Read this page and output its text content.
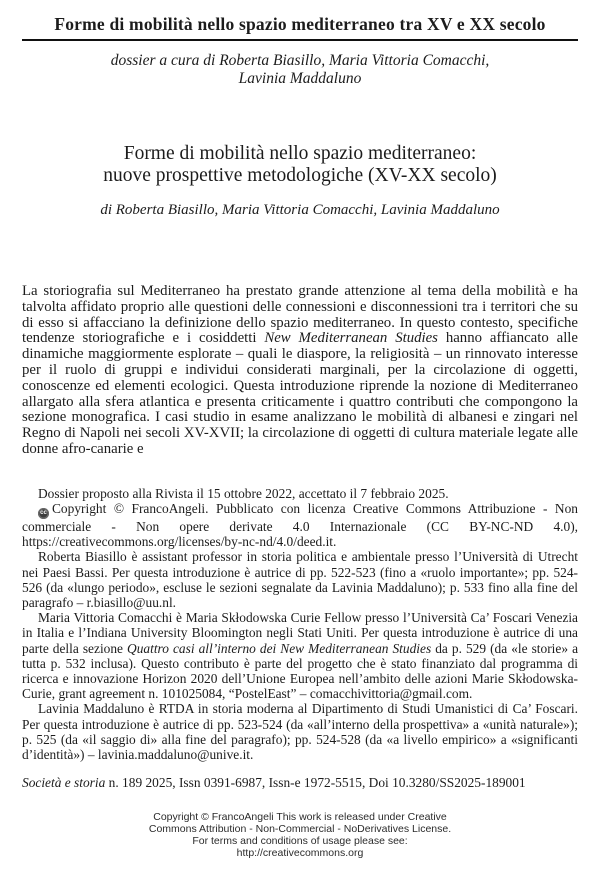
Forme di mobilità nello spazio mediterraneo tra XV e XX secolo
dossier a cura di Roberta Biasillo, Maria Vittoria Comacchi,
Lavinia Maddaluno
Forme di mobilità nello spazio mediterraneo:
nuove prospettive metodologiche (XV-XX secolo)
di Roberta Biasillo, Maria Vittoria Comacchi, Lavinia Maddaluno
La storiografia sul Mediterraneo ha prestato grande attenzione al tema della mobilità e ha talvolta affidato proprio alle questioni delle connessioni e disconnessioni tra i territori che su di esso si affacciano la definizione dello spazio mediterraneo. In questo contesto, specifiche tendenze storiografiche e i cosiddetti New Mediterranean Studies hanno affiancato alle dinamiche maggiormente esplorate – quali le diaspore, la religiosità – un rinnovato interesse per il ruolo di gruppi e individui considerati marginali, per la circolazione di oggetti, conoscenze ed elementi ecologici. Questa introduzione riprende la nozione di Mediterraneo allargato alla sfera atlantica e presenta criticamente i quattro contributi che compongono la sezione monografica. I casi studio in esame analizzano le mobilità di albanesi e zingari nel Regno di Napoli nei secoli XV-XVII; la circolazione di oggetti di cultura materiale legate alle donne afro-canarie e

Dossier proposto alla Rivista il 15 ottobre 2022, accettato il 7 febbraio 2025.

cc Copyright © FrancoAngeli. Pubblicato con licenza Creative Commons Attribuzione - Non commerciale - Non opere derivate 4.0 Internazionale (CC BY-NC-ND 4.0), https://creativecommons.org/licenses/by-nc-nd/4.0/deed.it.

Roberta Biasillo è assistant professor in storia politica e ambientale presso l’Università di Utrecht nei Paesi Bassi. Per questa introduzione è autrice di pp. 522-523 (fino a «ruolo importante»; pp. 524-526 (da «lungo periodo», escluse le sezioni segnalate da Lavinia Maddaluno); p. 533 fino alla fine del paragrafo – r.biasillo@uu.nl.

Maria Vittoria Comacchi è Maria Skłodowska Curie Fellow presso l’Università Ca’ Foscari Venezia in Italia e l’Indiana University Bloomington negli Stati Uniti. Per questa introduzione è autrice di una parte della sezione Quattro casi all’interno dei New Mediterranean Studies da p. 529 (da «le storie» a tutta p. 532 inclusa). Questo contributo è parte del progetto che è stato finanziato dal programma di ricerca e innovazione Horizon 2020 dell’Unione Europea nell’ambito delle azioni Marie Skłodowska-Curie, grant agreement n. 101025084, “PostelEast” – comacchivittoria@gmail.com.

Lavinia Maddaluno è RTDA in storia moderna al Dipartimento di Studi Umanistici di Ca’ Foscari. Per questa introduzione è autrice di pp. 523-524 (da «all’interno della prospettiva» a «unità naturale»); p. 525 (da «il saggio di» alla fine del paragrafo); pp. 524-528 (da «a livello empirico» a «significanti d’identità») – lavinia.maddaluno@unive.it.

Società e storia n. 189 2025, Issn 0391-6987, Issn-e 1972-5515, Doi 10.3280/SS2025-189001
Copyright © FrancoAngeli This work is released under Creative
Commons Attribution - Non-Commercial - NoDerivatives License.
For terms and conditions of usage please see:
http://creativecommons.org
